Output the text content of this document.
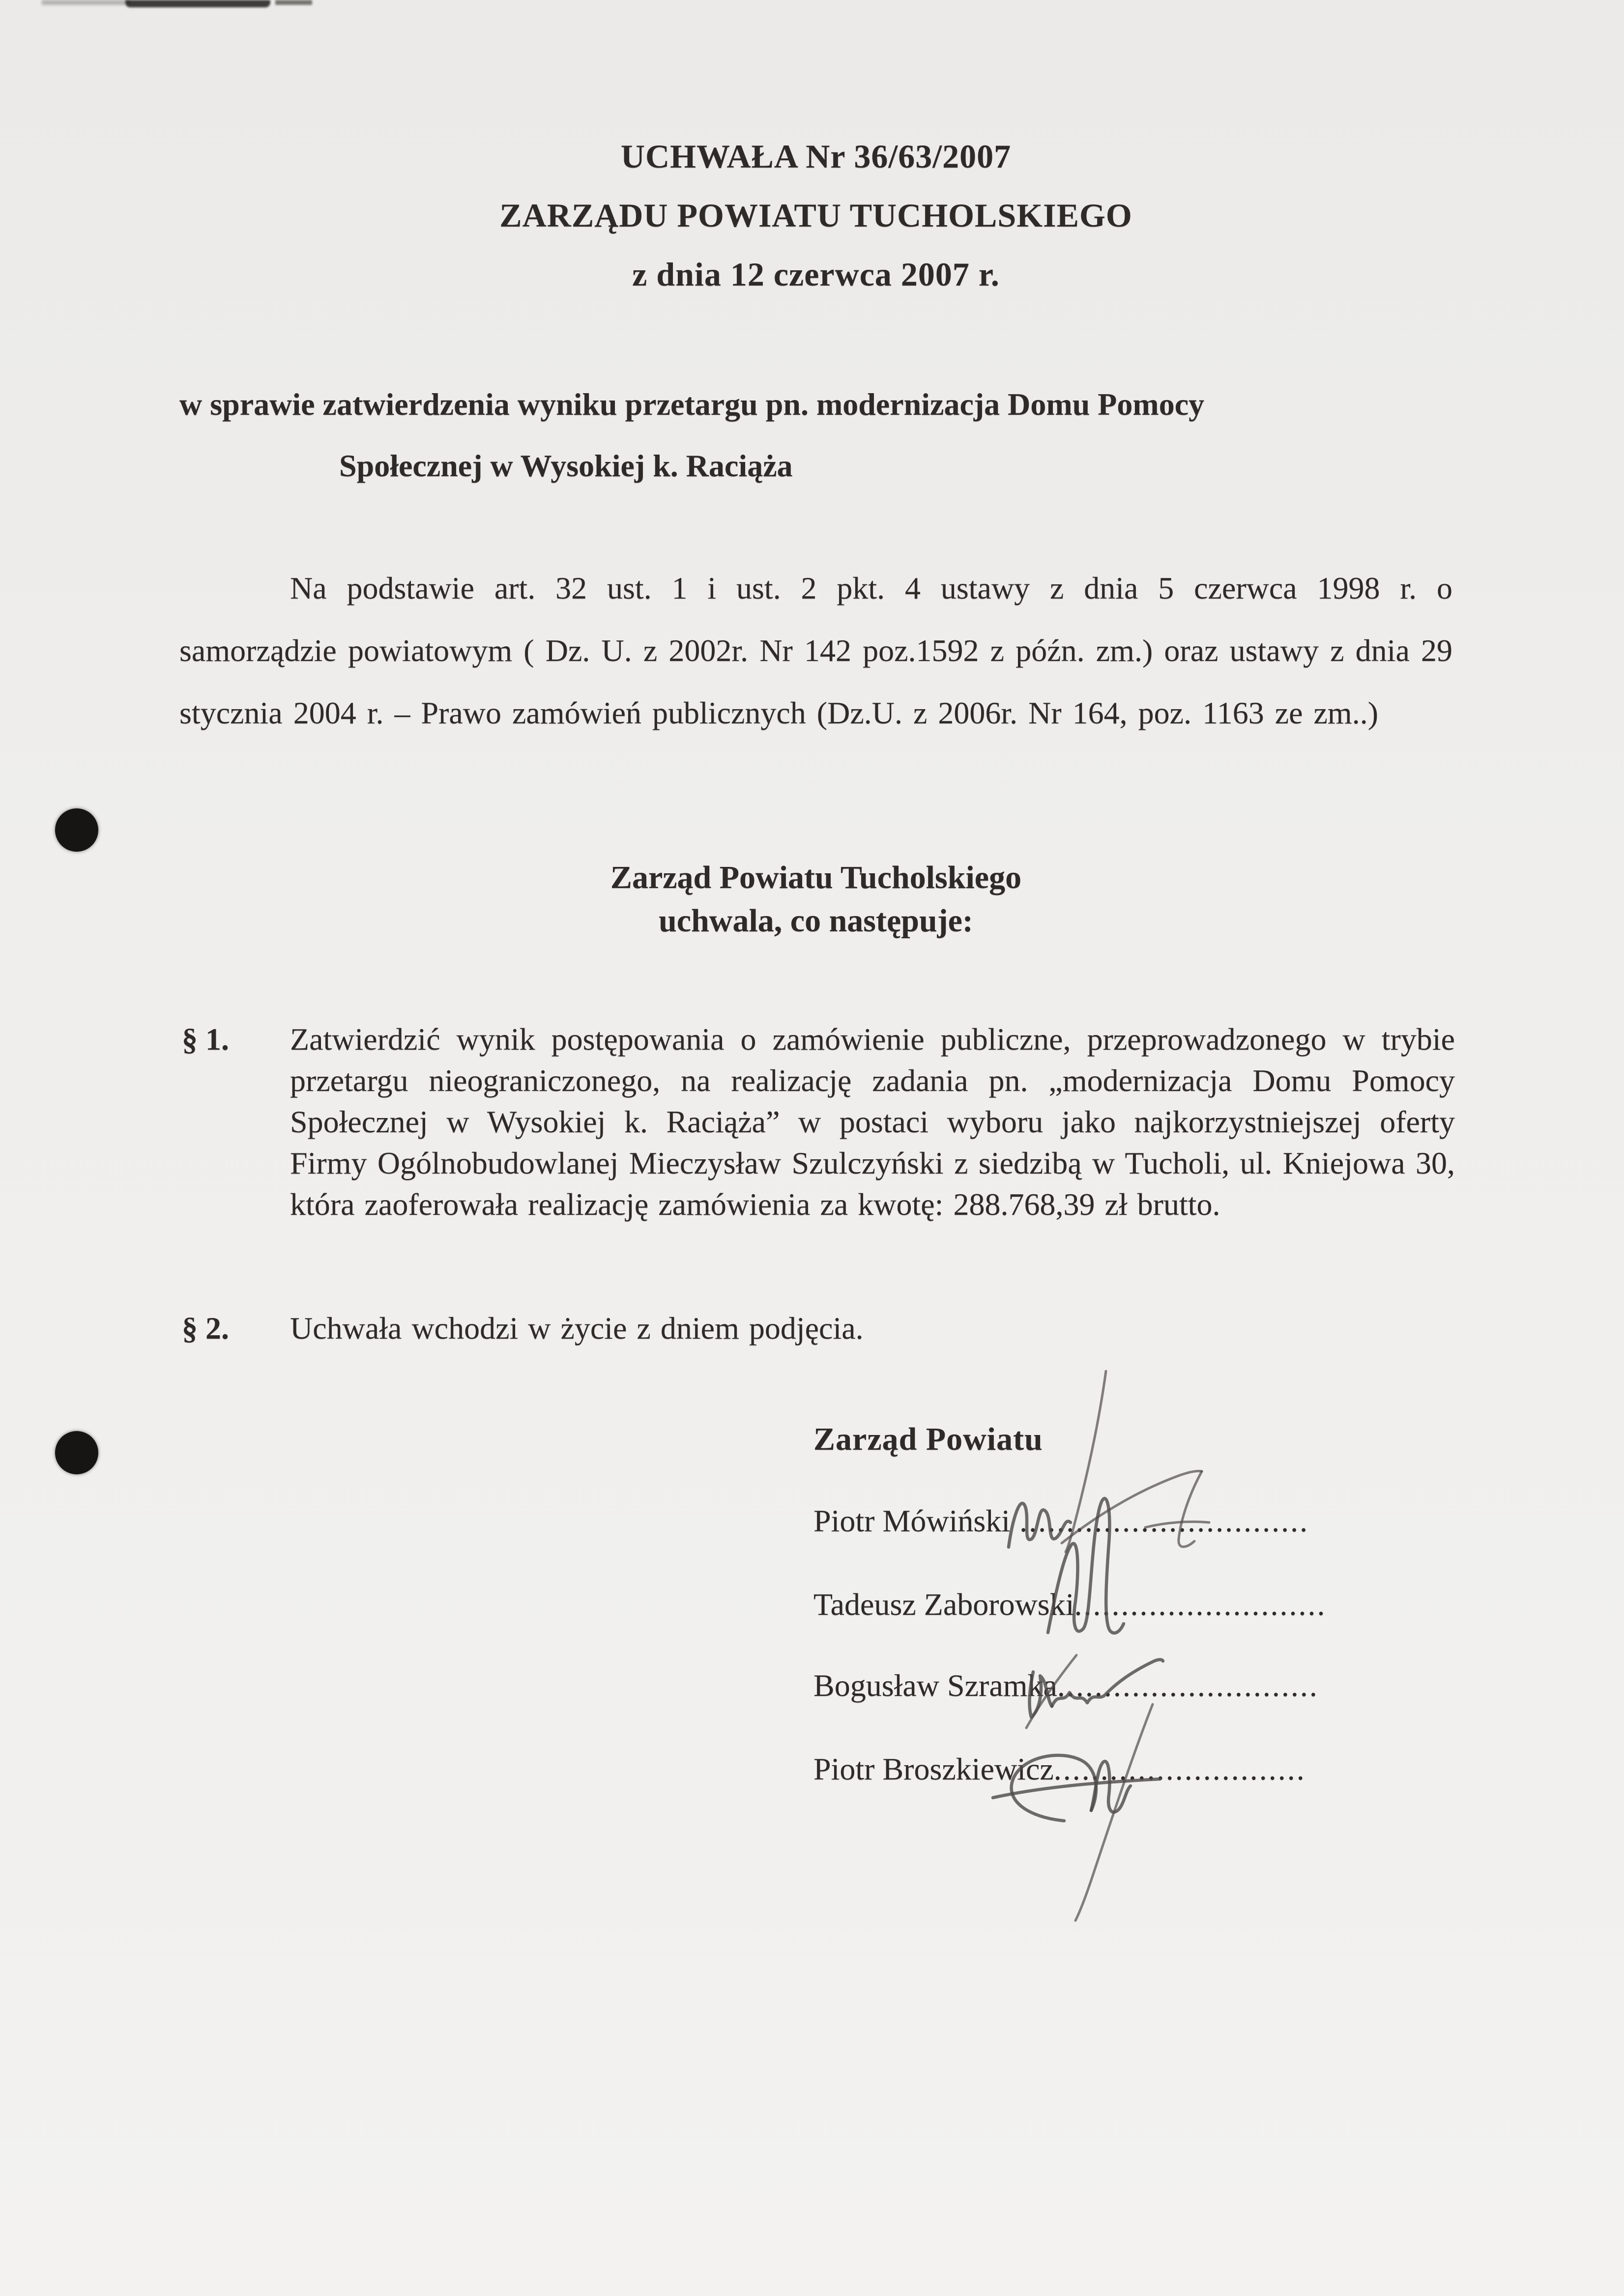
UCHWAŁA Nr 36/63/2007
ZARZĄDU POWIATU TUCHOLSKIEGO
z dnia 12 czerwca 2007 r.
w sprawie zatwierdzenia wyniku przetargu pn. modernizacja Domu Pomocy
Społecznej w Wysokiej k. Raciąża

Na podstawie art. 32 ust. 1 i ust. 2 pkt. 4 ustawy z dnia 5 czerwca 1998 r. o samorządzie powiatowym ( Dz. U. z 2002r. Nr 142 poz.1592 z późn. zm.) oraz ustawy z dnia 29 stycznia 2004 r. – Prawo zamówień publicznych (Dz.U. z 2006r. Nr 164, poz. 1163 ze zm..)

Zarząd Powiatu Tucholskiego
uchwala, co następuje:
§ 1. Zatwierdzić wynik postępowania o zamówienie publiczne, przeprowadzonego w trybie przetargu nieograniczonego, na realizację zadania pn. „modernizacja Domu Pomocy Społecznej w Wysokiej k. Raciąża” w postaci wyboru jako najkorzystniejszej oferty Firmy Ogólnobudowlanej Mieczysław Szulczyński z siedzibą w Tucholi, ul. Kniejowa 30, która zaoferowała realizację zamówienia za kwotę: 288.768,39 zł brutto.
§ 2. Uchwała wchodzi w życie z dniem podjęcia.
Zarząd Powiatu
Piotr Mówiński ...............................
Tadeusz Zaborowski...........................
Bogusław Szramka............................
Piotr Broszkiewicz...........................
